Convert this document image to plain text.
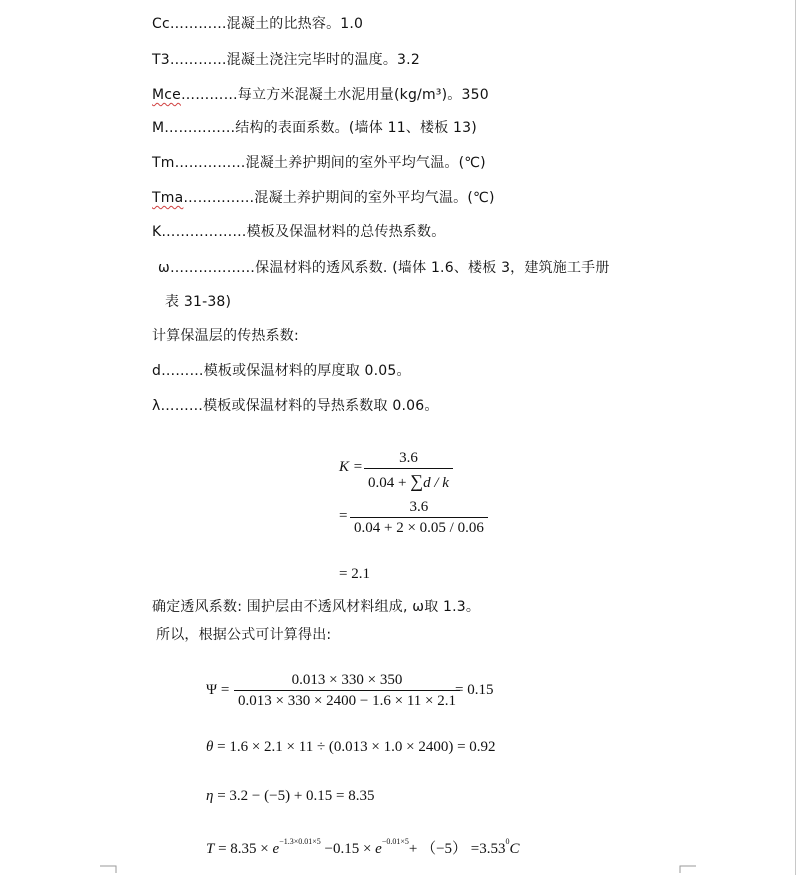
Cc…………混凝土的比热容。1.0
T3…………混凝土浇注完毕时的温度。3.2
Mce…………每立方米混凝土水泥用量(kg/m³)。350
M……………结构的表面系数。(墙体 11、楼板 13)
Tm……………混凝土养护期间的室外平均气温。(℃)
Tma……………混凝土养护期间的室外平均气温。(℃)
K………………模板及保温材料的总传热系数。
ω………………保温材料的透风系数. (墙体 1.6、楼板 3，建筑施工手册
表 31-38)
计算保温层的传热系数:
d………模板或保温材料的厚度取 0.05。
λ………模板或保温材料的导热系数取 0.06。
K =
3.6
0.04 + ∑d / k
=
3.6
0.04 + 2 × 0.05 / 0.06
= 2.1
确定透风系数: 围护层由不透风材料组成, ω取 1.3。
所以，根据公式可计算得出:
Ψ =
0.013 × 330 × 350
0.013 × 330 × 2400 − 1.6 × 11 × 2.1
= 0.15
θ = 1.6 × 2.1 × 11 ÷ (0.013 × 1.0 × 2400) = 0.92
η = 3.2 − (−5) + 0.15 = 8.35
$T = 8.35 \times e^{-1.3\times 0.01\times 5} -0.15 \times e^{-0.01\times 5}+ (-5) =3.53^0C$
